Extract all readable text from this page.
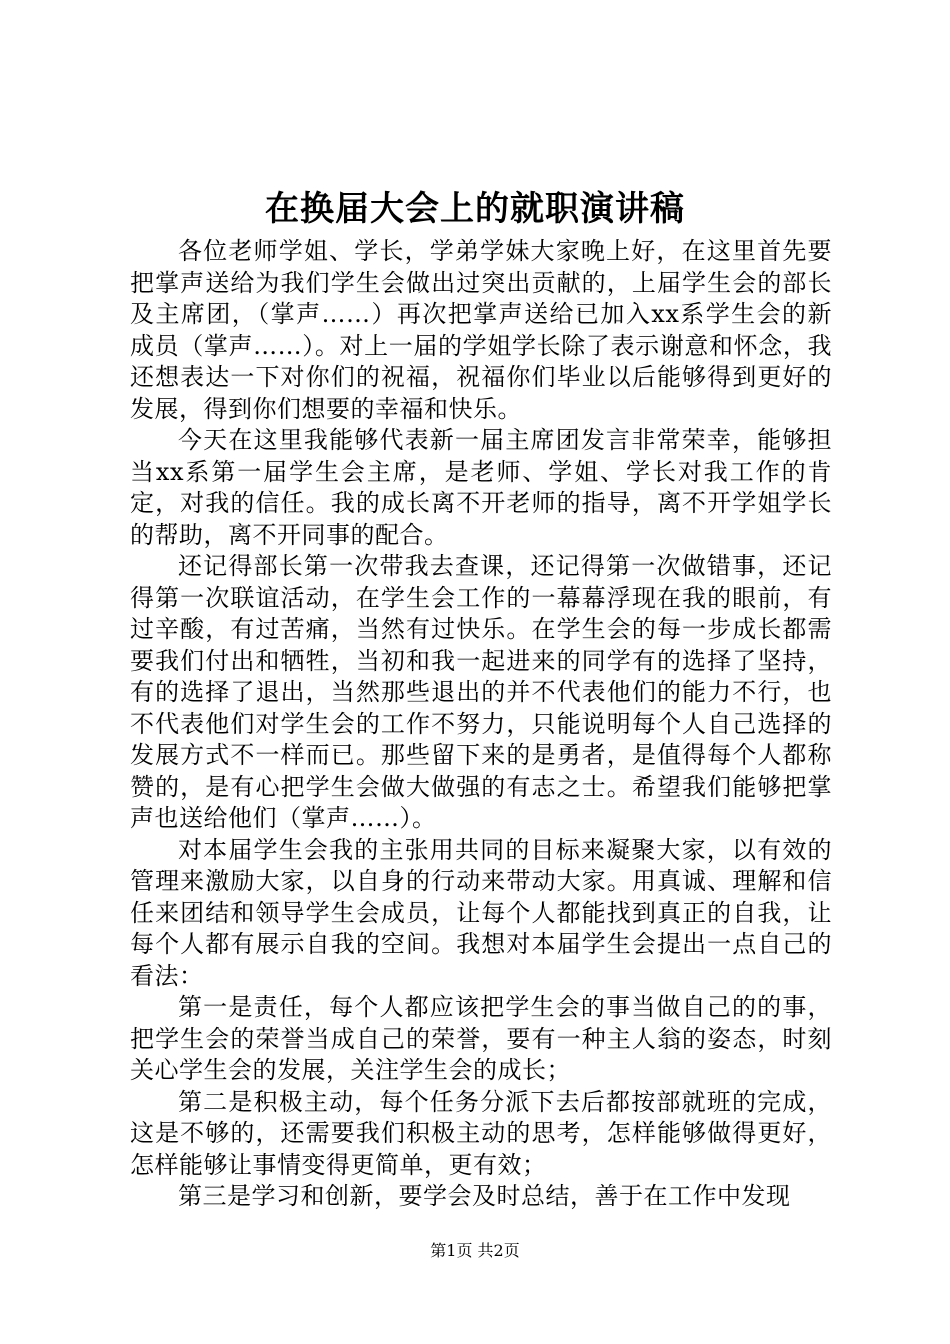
在换届大会上的就职演讲稿

各位老师学姐、学长，学弟学妹大家晚上好，在这里首先要把掌声送给为我们学生会做出过突出贡献的，上届学生会的部长及主席团，（掌声……）再次把掌声送给已加入xx系学生会的新成员（掌声……）。对上一届的学姐学长除了表示谢意和怀念，我还想表达一下对你们的祝福，祝福你们毕业以后能够得到更好的发展，得到你们想要的幸福和快乐。

今天在这里我能够代表新一届主席团发言非常荣幸，能够担当xx系第一届学生会主席，是老师、学姐、学长对我工作的肯定，对我的信任。我的成长离不开老师的指导，离不开学姐学长的帮助，离不开同事的配合。

还记得部长第一次带我去查课，还记得第一次做错事，还记得第一次联谊活动，在学生会工作的一幕幕浮现在我的眼前，有过辛酸，有过苦痛，当然有过快乐。在学生会的每一步成长都需要我们付出和牺牲，当初和我一起进来的同学有的选择了坚持，有的选择了退出，当然那些退出的并不代表他们的能力不行，也不代表他们对学生会的工作不努力，只能说明每个人自己选择的发展方式不一样而已。那些留下来的是勇者，是值得每个人都称赞的，是有心把学生会做大做强的有志之士。希望我们能够把掌声也送给他们（掌声……）。

对本届学生会我的主张用共同的目标来凝聚大家，以有效的管理来激励大家，以自身的行动来带动大家。用真诚、理解和信任来团结和领导学生会成员，让每个人都能找到真正的自我，让每个人都有展示自我的空间。我想对本届学生会提出一点自己的看法：

第一是责任，每个人都应该把学生会的事当做自己的的事，把学生会的荣誉当成自己的荣誉，要有一种主人翁的姿态，时刻关心学生会的发展，关注学生会的成长；

第二是积极主动，每个任务分派下去后都按部就班的完成，这是不够的，还需要我们积极主动的思考，怎样能够做得更好，怎样能够让事情变得更简单，更有效；

第三是学习和创新，要学会及时总结，善于在工作中发现

第1页 共2页
